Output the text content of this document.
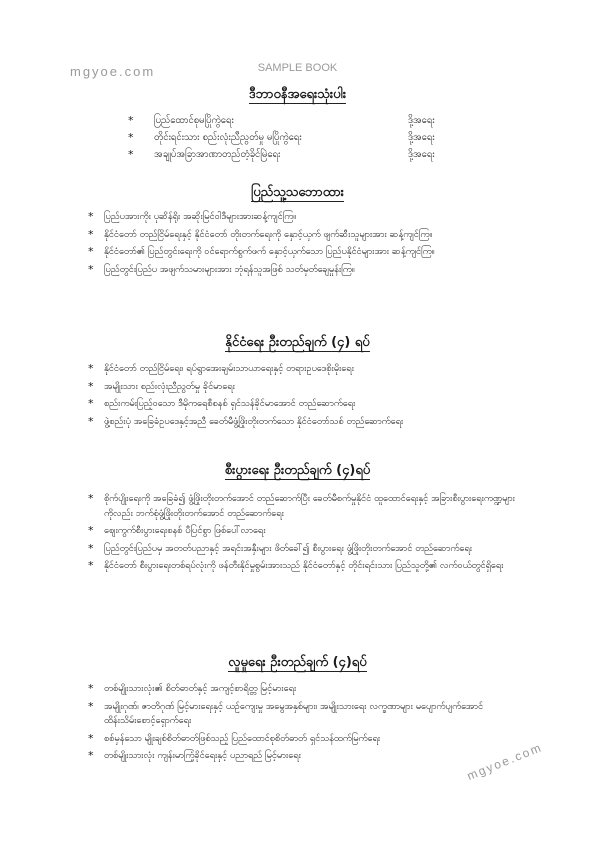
mgyoe.com	SAMPLE BOOK
ဒီဘာဝနီအရေးသုံးပါး
*	ပြည်ထောင်စုမပြိုကွဲရေး	ဒို့အရေး
*	တိုင်းရင်းသား စည်းလုံးညီညွတ်မှု မပြိုကွဲရေး	ဒို့အရေး
*	အချုပ်အခြာအာဏာတည်တံ့ခိုင်မြဲရေး	ဒို့အရေး
ပြည်သူ့သဘောထား
* ပြည်ပအားကိုး ပုဆိန်ရိုး အဆိုးမြင်ဝါဒီများအားဆန့်ကျင်ကြ။
* နိုင်ငံတော် တည်ငြိမ်ရေးနှင့် နိုင်ငံတော် တိုးတက်ရေးကို နှောင့်ယှက် ဖျက်ဆီးသူများအား ဆန့်ကျင်ကြ။
* နိုင်ငံတော်၏ ပြည်တွင်းရေးကို ဝင်ရောက်စွက်ဖက် နှောင့်ယှက်သော ပြည်ပနိုင်ငံများအား ဆန့်ကျင်ကြ။
* ပြည်တွင်းပြည်ပ အဖျက်သမားများအား ဘုံရန်သူအဖြစ် သတ်မှတ်ချေမှုန်းကြ။
နိုင်ငံရေး ဦးတည်ချက် (၄) ရပ်
* နိုင်ငံတော် တည်ငြိမ်ရေး၊ ရပ်ရွာအေးချမ်းသာယာရေးနှင့် တရားဥပဒေစိုးမိုးရေး
* အမျိုးသား စည်းလုံးညီညွတ်မှု ခိုင်မာရေး
* စည်းကမ်းပြည့်ဝသော ဒီမိုကရေစီစနစ် ရှင်သန်ခိုင်မာအောင် တည်ဆောက်ရေး
* ဖွဲ့စည်းပုံ အခြေခံဥပဒေနှင့်အညီ ခေတ်မီဖွံ့ဖြိုးတိုးတက်သော နိုင်ငံတော်သစ် တည်ဆောက်ရေး
စီးပွားရေး ဦးတည်ချက် (၄)ရပ်
* စိုက်ပျိုးရေးကို အခြေခံ၍ ဖွံ့ဖြိုးတိုးတက်အောင် တည်ဆောက်ပြီး ခေတ်မီစက်မှုနိုင်ငံ ထူထောင်ရေးနှင့် အခြားစီးပွားရေးကဏ္ဍများကိုလည်း ဘက်စုံဖွံ့ဖြိုးတိုးတက်အောင် တည်ဆောက်ရေး
* ဈေးကွက်စီးပွားရေးစနစ် ပီပြင်စွာ ဖြစ်ပေါ်လာရေး
* ပြည်တွင်းပြည်ပမှ အတတ်ပညာနှင့် အရင်းအနှီးများ ဖိတ်ခေါ်၍ စီးပွားရေး ဖွံ့ဖြိုးတိုးတက်အောင် တည်ဆောက်ရေး
* နိုင်ငံတော် စီးပွားရေးတစ်ရပ်လုံးကို ဖန်တီးနိုင်မှုစွမ်းအားသည် နိုင်ငံတော်နှင့် တိုင်းရင်းသား ပြည်သူတို့၏ လက်ဝယ်တွင်ရှိရေး
လူမှုရေး ဦးတည်ချက် (၄)ရပ်
* တစ်မျိုးသားလုံး၏ စိတ်ဓာတ်နှင့် အကျင့်စာရိတ္တ မြင့်မားရေး
* အမျိုးဂုဏ်၊ ဇာတိဂုဏ် မြင့်မားရေးနှင့် ယဉ်ကျေးမှု အမွေအနှစ်များ၊ အမျိုးသားရေး လက္ခဏာများ မပျောက်ပျက်အောင် ထိန်းသိမ်းစောင့်ရှောက်ရေး
* စစ်မှန်သော မျိုးချစ်စိတ်ဓာတ်ဖြစ်သည့် ပြည်ထောင်စုစိတ်ဓာတ် ရှင်သန်ထက်မြက်ရေး
* တစ်မျိုးသားလုံး ကျန်းမာကြံ့ခိုင်ရေးနှင့် ပညာရည် မြင့်မားရေး	mgyoe.com
